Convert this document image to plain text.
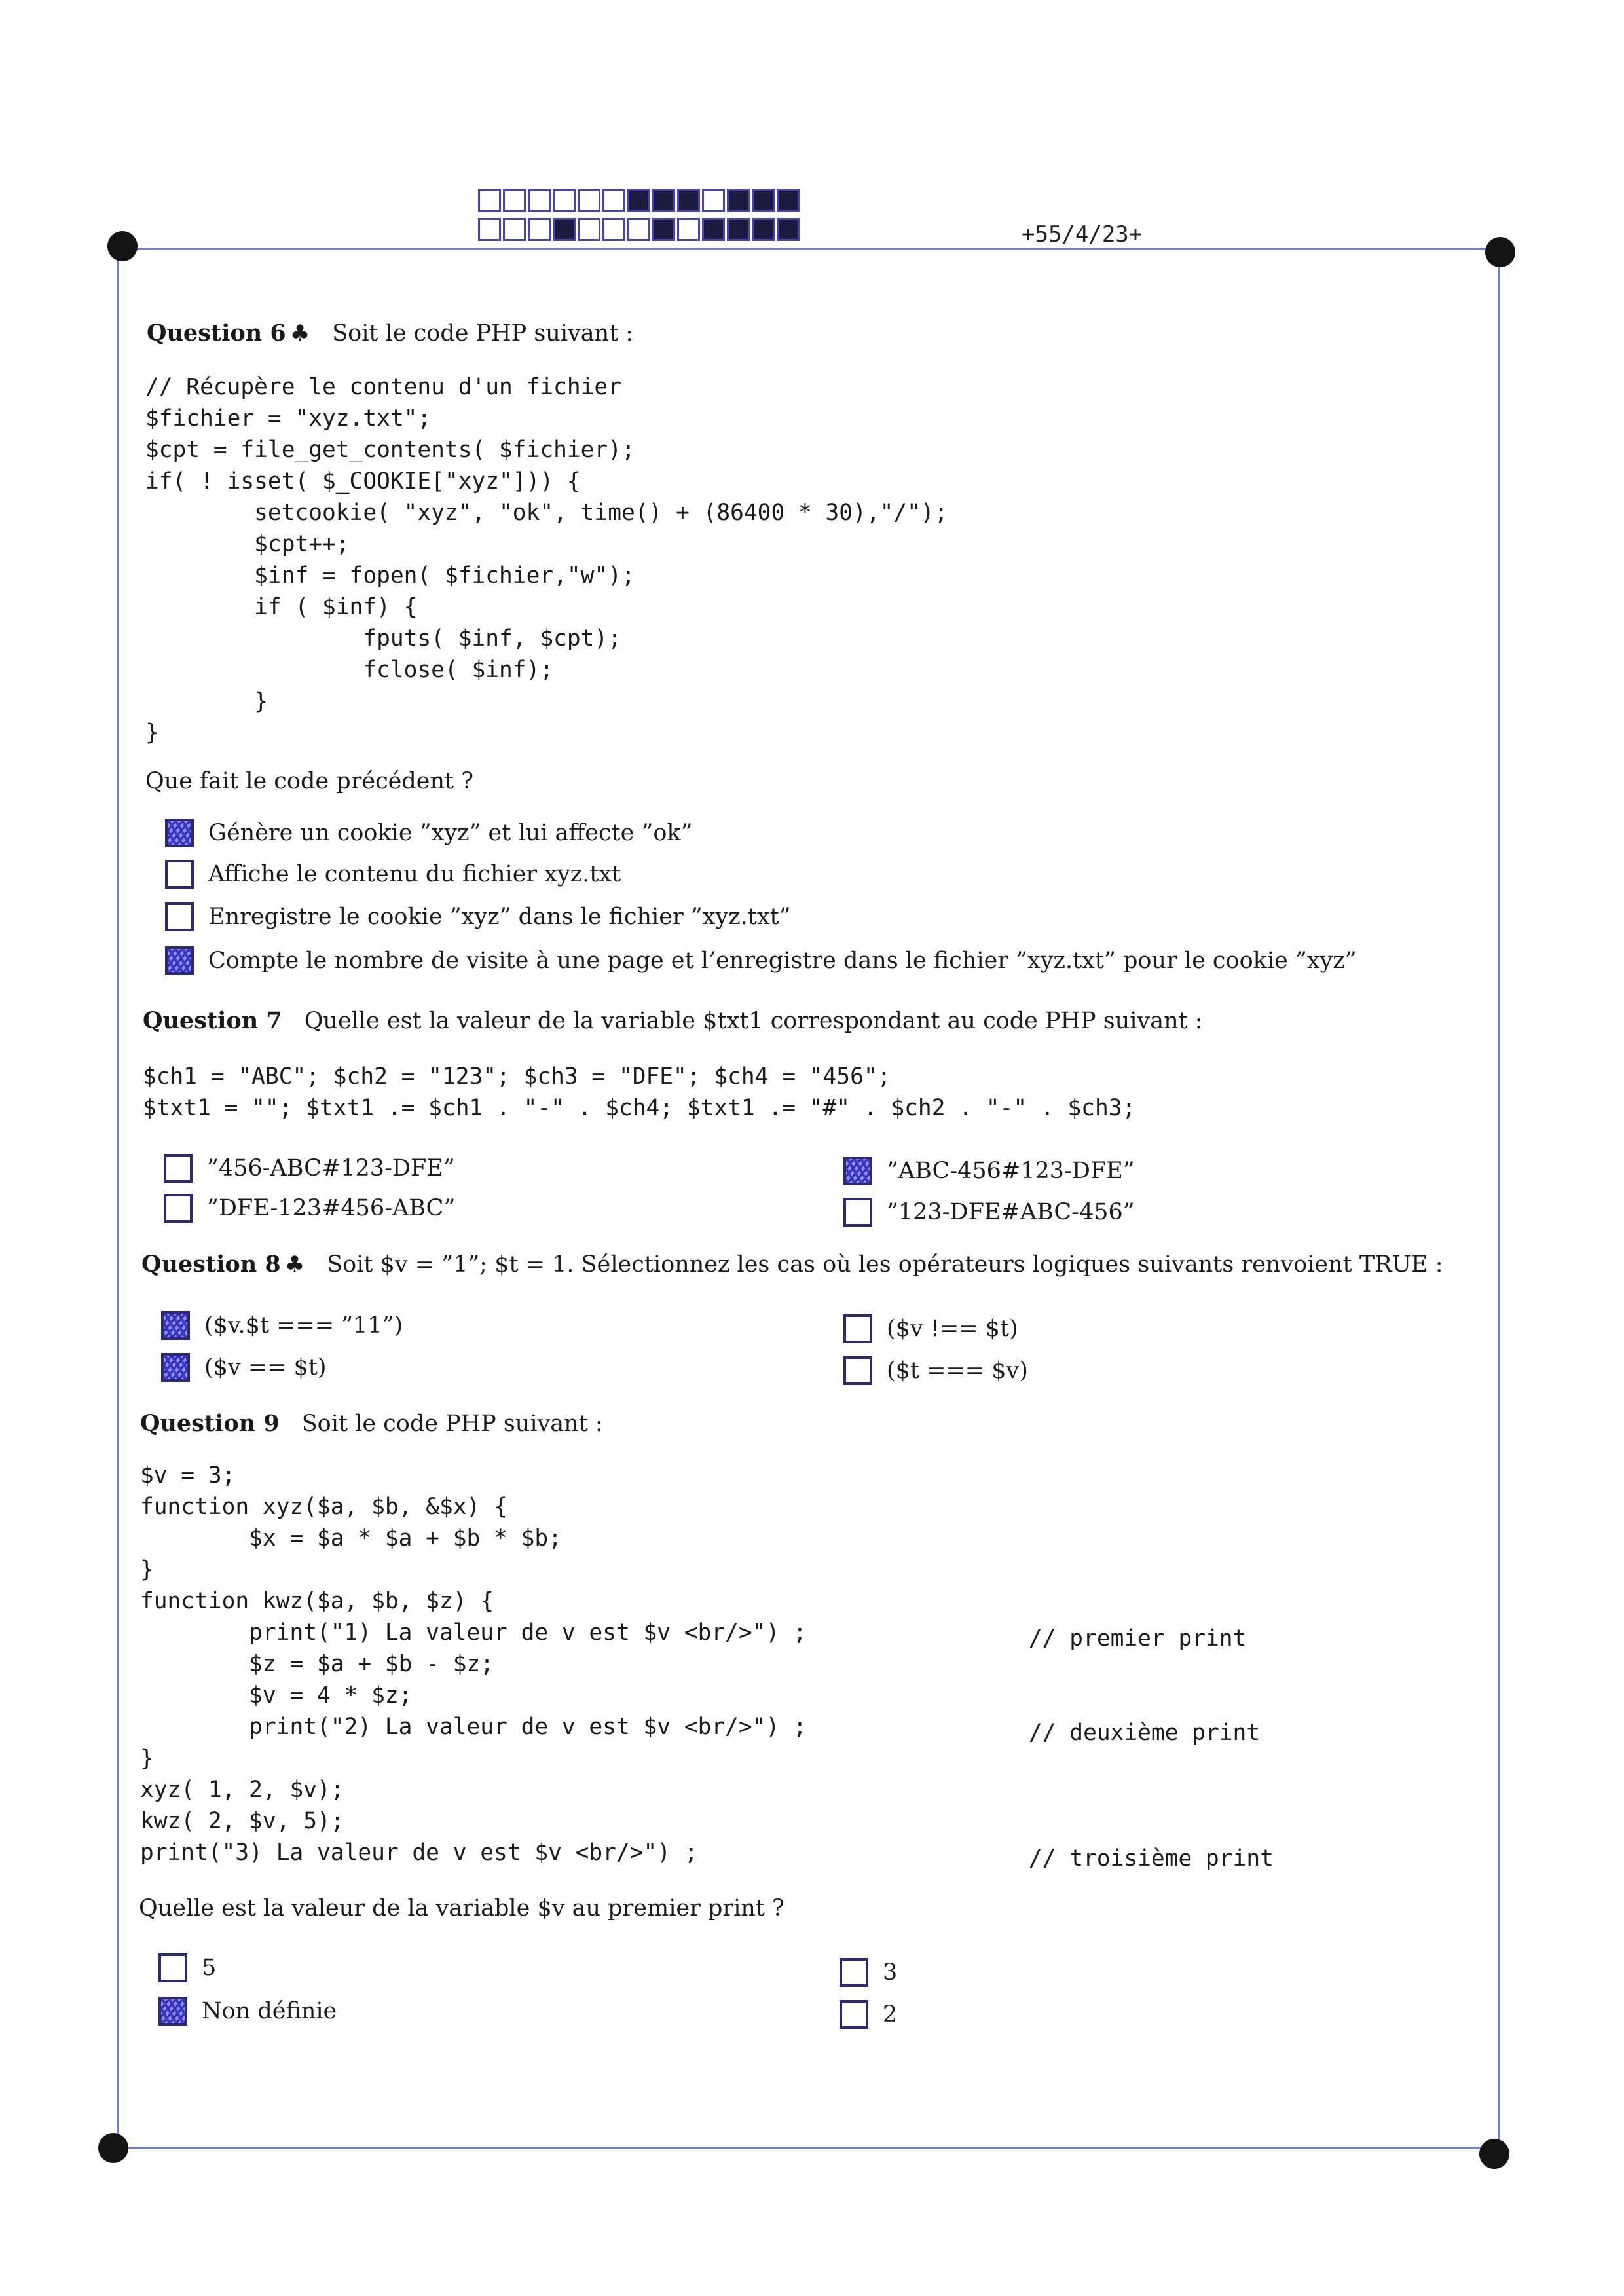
+55/4/23+
Question 6 ♣ Soit le code PHP suivant :
// Récupère le contenu d'un fichier
$fichier = "xyz.txt";
$cpt = file_get_contents( $fichier);
if( ! isset( $_COOKIE["xyz"])) {
setcookie( "xyz", "ok", time() + (86400 * 30),"/");
$cpt++;
$inf = fopen( $fichier,"w");
if ( $inf) {
fputs( $inf, $cpt);
fclose( $inf);
}
}
Que fait le code précédent ?
Génère un cookie ”xyz” et lui affecte ”ok”
Affiche le contenu du fichier xyz.txt
Enregistre le cookie ”xyz” dans le fichier ”xyz.txt”
Compte le nombre de visite à une page et l’enregistre dans le fichier ”xyz.txt” pour le cookie ”xyz”
Question 7 Quelle est la valeur de la variable $txt1 correspondant au code PHP suivant :
$ch1 = "ABC"; $ch2 = "123"; $ch3 = "DFE"; $ch4 = "456";
$txt1 = ""; $txt1 .= $ch1 . "-" . $ch4; $txt1 .= "#" . $ch2 . "-" . $ch3;
”456-ABC#123-DFE”
”DFE-123#456-ABC”
”ABC-456#123-DFE”
”123-DFE#ABC-456”
Question 8 ♣ Soit $v = ”1”; $t = 1. Sélectionnez les cas où les opérateurs logiques suivants renvoient TRUE :
($v.$t === ”11”)
($v == $t)
($v !== $t)
($t === $v)
Question 9 Soit le code PHP suivant :
$v = 3;
function xyz($a, $b, &$x) {
$x = $a * $a + $b * $b;
}
function kwz($a, $b, $z) {
print("1) La valeur de v est $v <br/>") ;
$z = $a + $b - $z;
$v = 4 * $z;
print("2) La valeur de v est $v <br/>") ;
}
xyz( 1, 2, $v);
kwz( 2, $v, 5);
print("3) La valeur de v est $v <br/>") ;
// premier print
// deuxième print
// troisième print
Quelle est la valeur de la variable $v au premier print ?
5
Non définie
3
2
